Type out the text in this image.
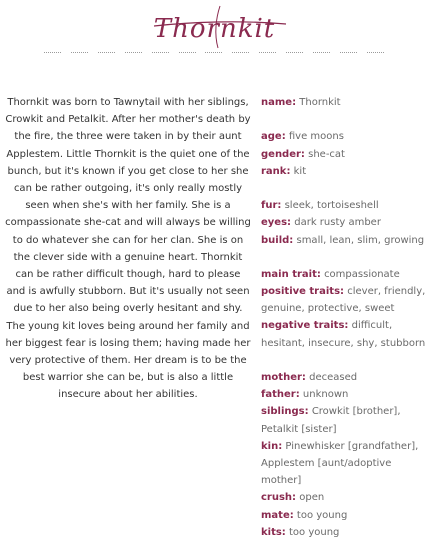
Thornkit
Thornkit was born to Tawnytail with her siblings, Crowkit and Petalkit. After her mother's death by the fire, the three were taken in by their aunt Applestem. Little Thornkit is the quiet one of the bunch, but it's known if you get close to her she can be rather outgoing, it's only really mostly seen when she's with her family. She is a compassionate she-cat and will always be willing to do whatever she can for her clan. She is on the clever side with a genuine heart. Thornkit can be rather difficult though, hard to please and is awfully stubborn. But it's usually not seen due to her also being overly hesitant and shy. The young kit loves being around her family and her biggest fear is losing them; having made her very protective of them. Her dream is to be the best warrior she can be, but is also a little insecure about her abilities.
name: Thornkit
age: five moons
gender: she-cat
rank: kit
fur: sleek, tortoiseshell
eyes: dark rusty amber
build: small, lean, slim, growing
main trait: compassionate
positive traits: clever, friendly, genuine, protective, sweet
negative traits: difficult, hesitant, insecure, shy, stubborn
mother: deceased
father: unknown
siblings: Crowkit [brother], Petalkit [sister]
kin: Pinewhisker [grandfather], Applestem [aunt/adoptive mother]
crush: open
mate: too young
kits: too young
